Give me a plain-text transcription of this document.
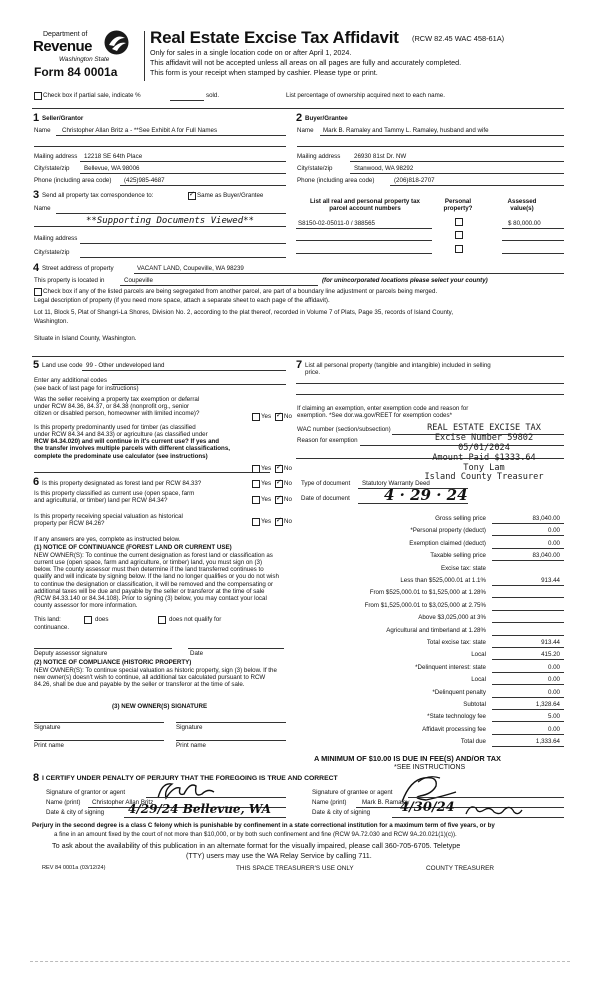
Department of
Revenue
Washington State
Form 84 0001a
Real Estate Excise Tax Affidavit (RCW 82.45 WAC 458-61A)
Only for sales in a single location code on or after April 1, 2024.
This affidavit will not be accepted unless all areas on all pages are fully and accurately completed.
This form is your receipt when stamped by cashier. Please type or print.
Check box if partial sale, indicate %	sold.	List percentage of ownership acquired next to each name.
1 Seller/Grantor
Name Christopher Allan Britz a - **See Exhibit A for Full Names
Mailing address 12218 SE 64th Place
City/state/zip Bellevue, WA 98006
Phone (including area code) (425)985-4687
2 Buyer/Grantee
Name Mark B. Ramaley and Tammy L. Ramaley, husband and wife
Mailing address 26930 81st Dr. NW
City/state/zip	Stanwood, WA 98292
Phone (including area code)	(206)818-2707
3 Send all property tax correspondence to: ✓	Same as Buyer/Grantee
Name
**Supporting Documents Viewed**
Mailing address
City/state/zip
List all real and personal property tax
parcel account numbers
Personal
property?
Assessed
value(s)
S8150-02-05011-0 / 388565	$ 80,000.00
4 Street address of property	VACANT LAND, Coupeville, WA 98239
This property is located in	Coupeville	(for unincorporated locations please select your county)
Check box if any of the listed parcels are being segregated from another parcel, are part of a boundary line adjustment or parcels being merged.
Legal description of property (if you need more space, attach a separate sheet to each page of the affidavit).
Lot 11, Block 5, Plat of Shangri-La Shores, Division No. 2, according to the plat thereof, recorded in Volume 7 of Plats, Page 35, records of Island County,
Washington.
Situate in Island County, Washington.
5 Land use code 99 - Other undeveloped land
Enter any additional codes
(see back of last page for instructions)
Was the seller receiving a property tax exemption or deferral
under RCW 84.36, 84.37, or 84.38 (nonprofit org., senior
citizen or disabled person, homeowner with limited income)?	Yes ✓ No
Is this property predominantly used for timber (as classified
under RCW 84.34 and 84.33) or agriculture (as classified under
RCW 84.34.020) and will continue in it's current use? If yes and
the transfer involves multiple parcels with different classifications,
complete the predominate use calculator (see instructions)
Yes ✓ No
6 Is this property designated as forest land per RCW 84.33?	Yes ✓ No
Is this property classified as current use (open space, farm
and agricultural, or timber) land per RCW 84.34?	Yes ✓ No
Is this property receiving special valuation as historical
property per RCW 84.26?	Yes ✓ No
If any answers are yes, complete as instructed below.
(1) NOTICE OF CONTINUANCE (FOREST LAND OR CURRENT USE)
NEW OWNER(S): To continue the current designation as forest land or classification as current use (open space, farm and agriculture, or timber) land, you must sign on (3) below. The county assessor must then determine if the land transferred continues to qualify and will indicate by signing below. If the land no longer qualifies or you do not wish to continue the designation or classification, it will be removed and the compensating or additional taxes will be due and payable by the seller or transferor at the time of sale (RCW 84.33.140 or 84.34.108). Prior to signing (3) below, you may contact your local county assessor for more information.
This land:	does	does not qualify for
continuance.
Deputy assessor signature	Date
(2) NOTICE OF COMPLIANCE (HISTORIC PROPERTY)
NEW OWNER(S): To continue special valuation as historic property, sign (3) below. If the new owner(s) doesn't wish to continue, all additional tax calculated pursuant to RCW 84.26, shall be due and payable by the seller or transferor at the time of sale.
(3) NEW OWNER(S) SIGNATURE
Signature	Signature
Print name	Print name
7 List all personal property (tangible and intangible) included in selling
price.
If claiming an exemption, enter exemption code and reason for
exemption. *See dor.wa.gov/REET for exemption codes*
WAC number (section/subsection)
Reason for exemption
REAL ESTATE EXCISE TAX
Excise Number 59802
05/01/2024
Amount Paid $1333.64
Tony Lam
Island County Treasurer
Type of document Statutory Warranty Deed
Date of document 4 · 29 · 24
Gross selling price	83,040.00
*Personal property (deduct)	0.00
Exemption claimed (deduct)	0.00
Taxable selling price	83,040.00
Excise tax: state
Less than $525,000.01 at 1.1%	913.44
From $525,000.01 to $1,525,000 at 1.28%
From $1,525,000.01 to $3,025,000 at 2.75%
Above $3,025,000 at 3%
Agricultural and timberland at 1.28%
Total excise tax: state	913.44
Local	415.20
*Delinquent interest: state	0.00
Local	0.00
*Delinquent penalty	0.00
Subtotal	1,328.64
*State technology fee	5.00
Affidavit processing fee	0.00
Total due	1,333.64
A MINIMUM OF $10.00 IS DUE IN FEE(S) AND/OR TAX
*SEE INSTRUCTIONS
8 I CERTIFY UNDER PENALTY OF PERJURY THAT THE FOREGOING IS TRUE AND CORRECT
Signature of grantor or agent
Name (print) Christopher Allan Britz
Date & city of signing 4/29/24 Bellevue, WA
Signature of grantee or agent
Name (print)	Mark B. Ramaley
Date & city of signing 4/30/24
Perjury in the second degree is a class C felony which is punishable by confinement in a state correctional institution for a maximum term of five years, or by
a fine in an amount fixed by the court of not more than $10,000, or by both such confinement and fine (RCW 9A.72.030 and RCW 9A.20.021(1)(c)).
To ask about the availability of this publication in an alternate format for the visually impaired, please call 360-705-6705. Teletype
(TTY) users may use the WA Relay Service by calling 711.
REV 84 0001a (03/12/24)	THIS SPACE TREASURER'S USE ONLY	COUNTY TREASURER
